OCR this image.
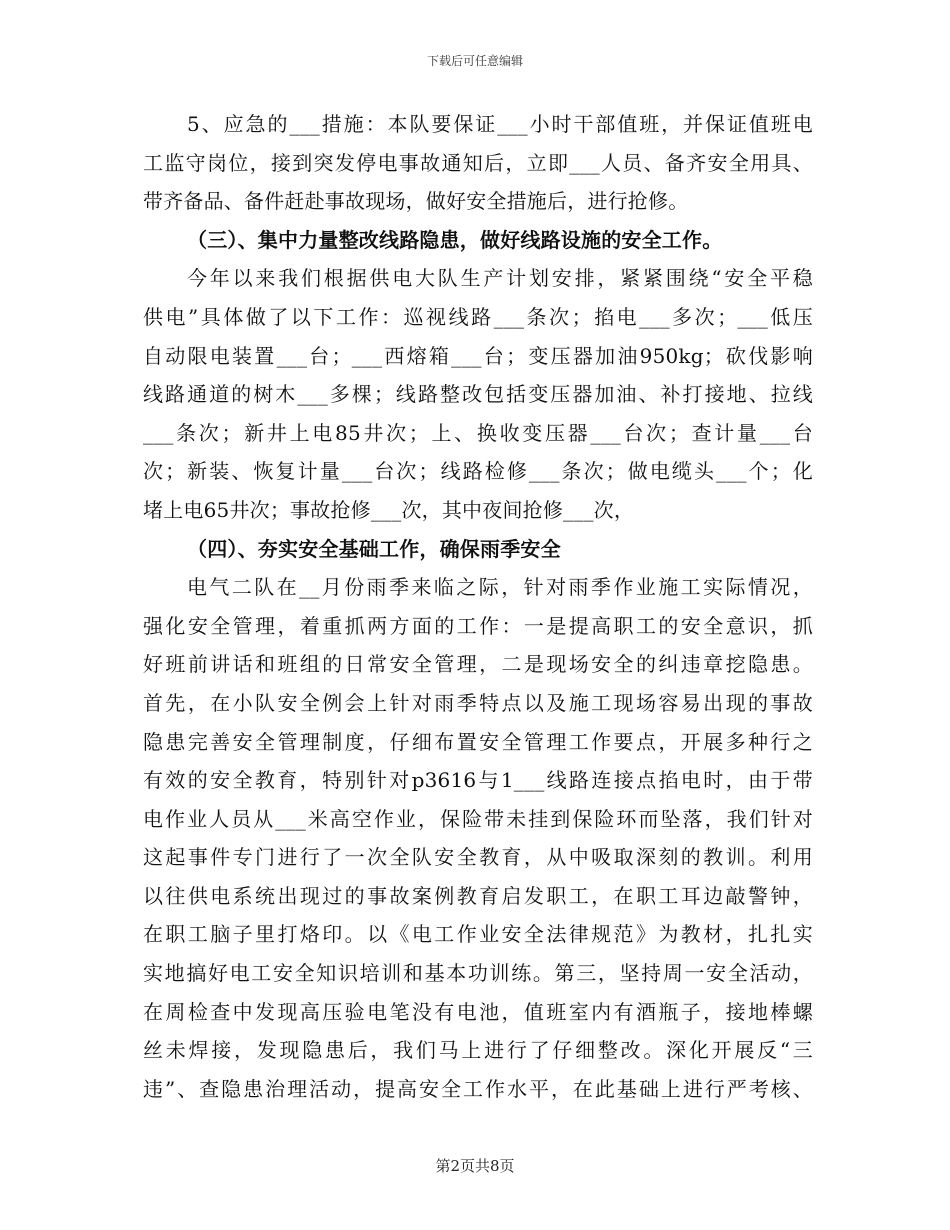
下载后可任意编辑
5、应急的___措施：本队要保证___小时干部值班，并保证值班电
工监守岗位，接到突发停电事故通知后，立即___人员、备齐安全用具、
带齐备品、备件赶赴事故现场，做好安全措施后，进行抢修。
（三）、集中力量整改线路隐患，做好线路设施的安全工作。
今年以来我们根据供电大队生产计划安排，紧紧围绕“安全平稳
供电”具体做了以下工作：巡视线路___条次；掐电___多次；___低压
自动限电装置___台；___西熔箱___台；变压器加油950kg；砍伐影响
线路通道的树木___多棵；线路整改包括变压器加油、补打接地、拉线
___条次；新井上电85井次；上、换收变压器___台次；查计量___台
次；新装、恢复计量___台次；线路检修___条次；做电缆头___个；化
堵上电65井次；事故抢修___次，其中夜间抢修___次，
（四）、夯实安全基础工作，确保雨季安全
电气二队在__月份雨季来临之际，针对雨季作业施工实际情况，
强化安全管理，着重抓两方面的工作：一是提高职工的安全意识，抓
好班前讲话和班组的日常安全管理，二是现场安全的纠违章挖隐患。
首先，在小队安全例会上针对雨季特点以及施工现场容易出现的事故
隐患完善安全管理制度，仔细布置安全管理工作要点，开展多种行之
有效的安全教育，特别针对p3616与1___线路连接点掐电时，由于带
电作业人员从___米高空作业，保险带未挂到保险环而坠落，我们针对
这起事件专门进行了一次全队安全教育，从中吸取深刻的教训。利用
以往供电系统出现过的事故案例教育启发职工，在职工耳边敲警钟，
在职工脑子里打烙印。以《电工作业安全法律规范》为教材，扎扎实
实地搞好电工安全知识培训和基本功训练。第三，坚持周一安全活动，
在周检查中发现高压验电笔没有电池，值班室内有酒瓶子，接地棒螺
丝未焊接，发现隐患后，我们马上进行了仔细整改。深化开展反“三
违”、查隐患治理活动，提高安全工作水平，在此基础上进行严考核、
第2页共8页
